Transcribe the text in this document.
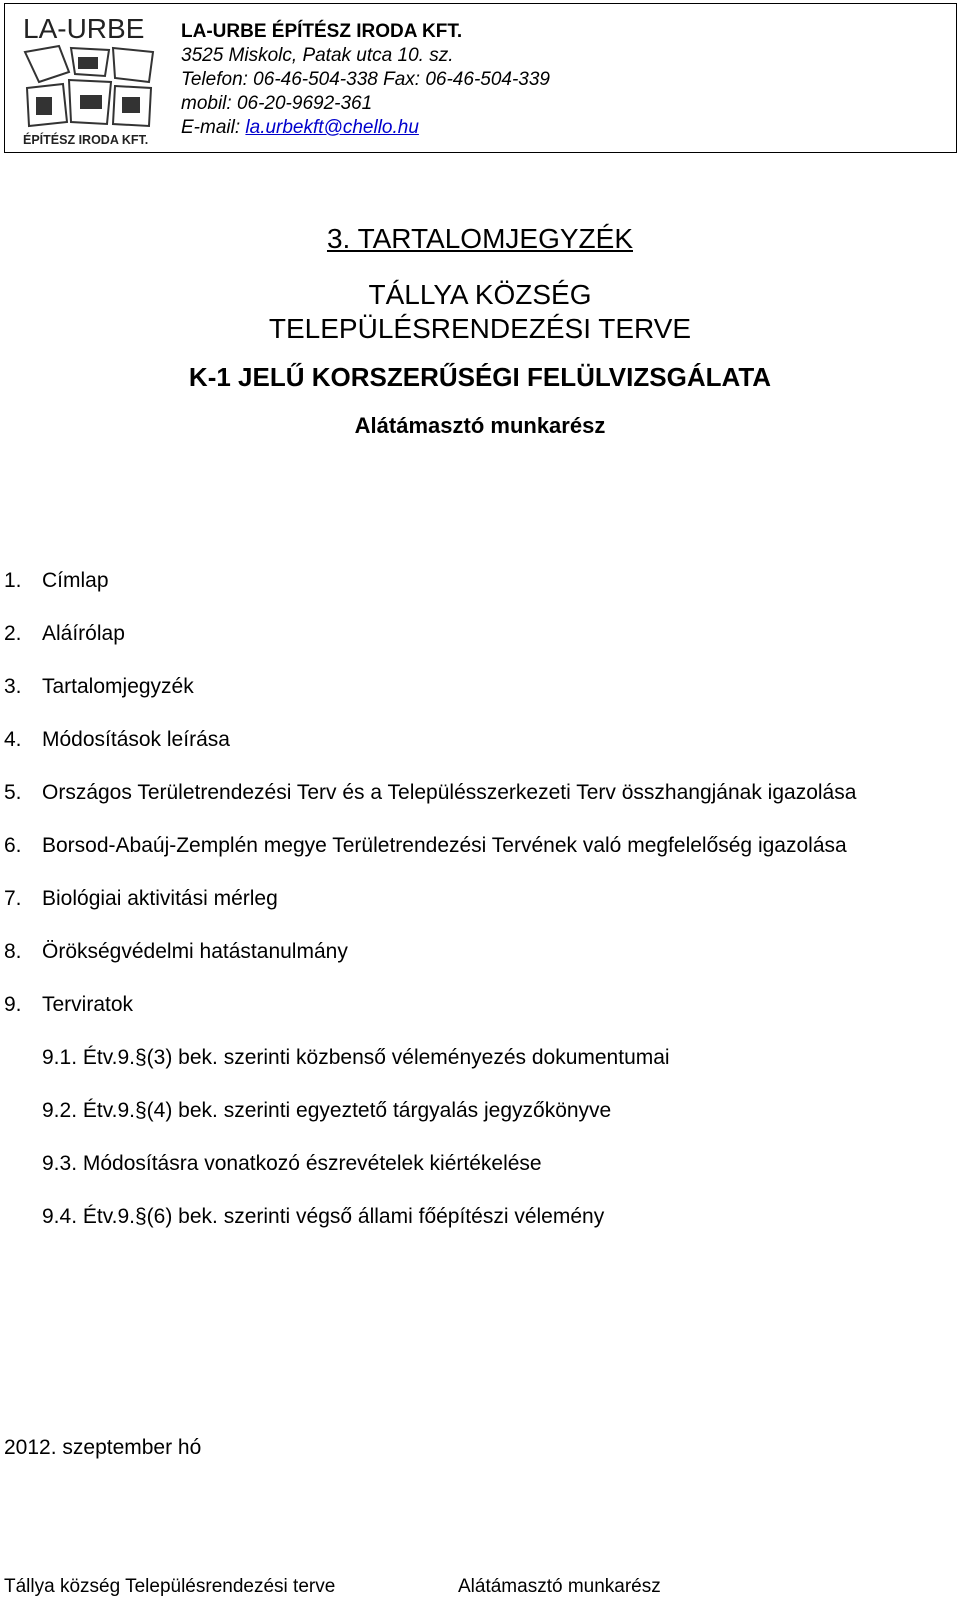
LA-URBE
ÉPÍTÉSZ IRODA KFT.
LA-URBE ÉPÍTÉSZ IRODA KFT.
3525 Miskolc, Patak utca 10. sz.
Telefon: 06-46-504-338 Fax: 06-46-504-339
mobil: 06-20-9692-361
E-mail: la.urbekft@chello.hu
3. TARTALOMJEGYZÉK
TÁLLYA KÖZSÉG
TELEPÜLÉSRENDEZÉSI TERVE
K-1 JELŰ KORSZERŰSÉGI FELÜLVIZSGÁLATA
Alátámasztó munkarész
1. Címlap
2. Aláírólap
3. Tartalomjegyzék
4. Módosítások leírása
5. Országos Területrendezési Terv és a Településszerkezeti Terv összhangjának igazolása
6. Borsod-Abaúj-Zemplén megye Területrendezési Tervének való megfelelőség igazolása
7. Biológiai aktivitási mérleg
8. Örökségvédelmi hatástanulmány
9. Terviratok
9.1. Étv.9.§(3) bek. szerinti közbenső véleményezés dokumentumai
9.2. Étv.9.§(4) bek. szerinti egyeztető tárgyalás jegyzőkönyve
9.3. Módosításra vonatkozó észrevételek kiértékelése
9.4. Étv.9.§(6) bek. szerinti végső állami főépítészi vélemény
2012. szeptember hó
Tállya község Településrendezési terve	Alátámasztó munkarész
